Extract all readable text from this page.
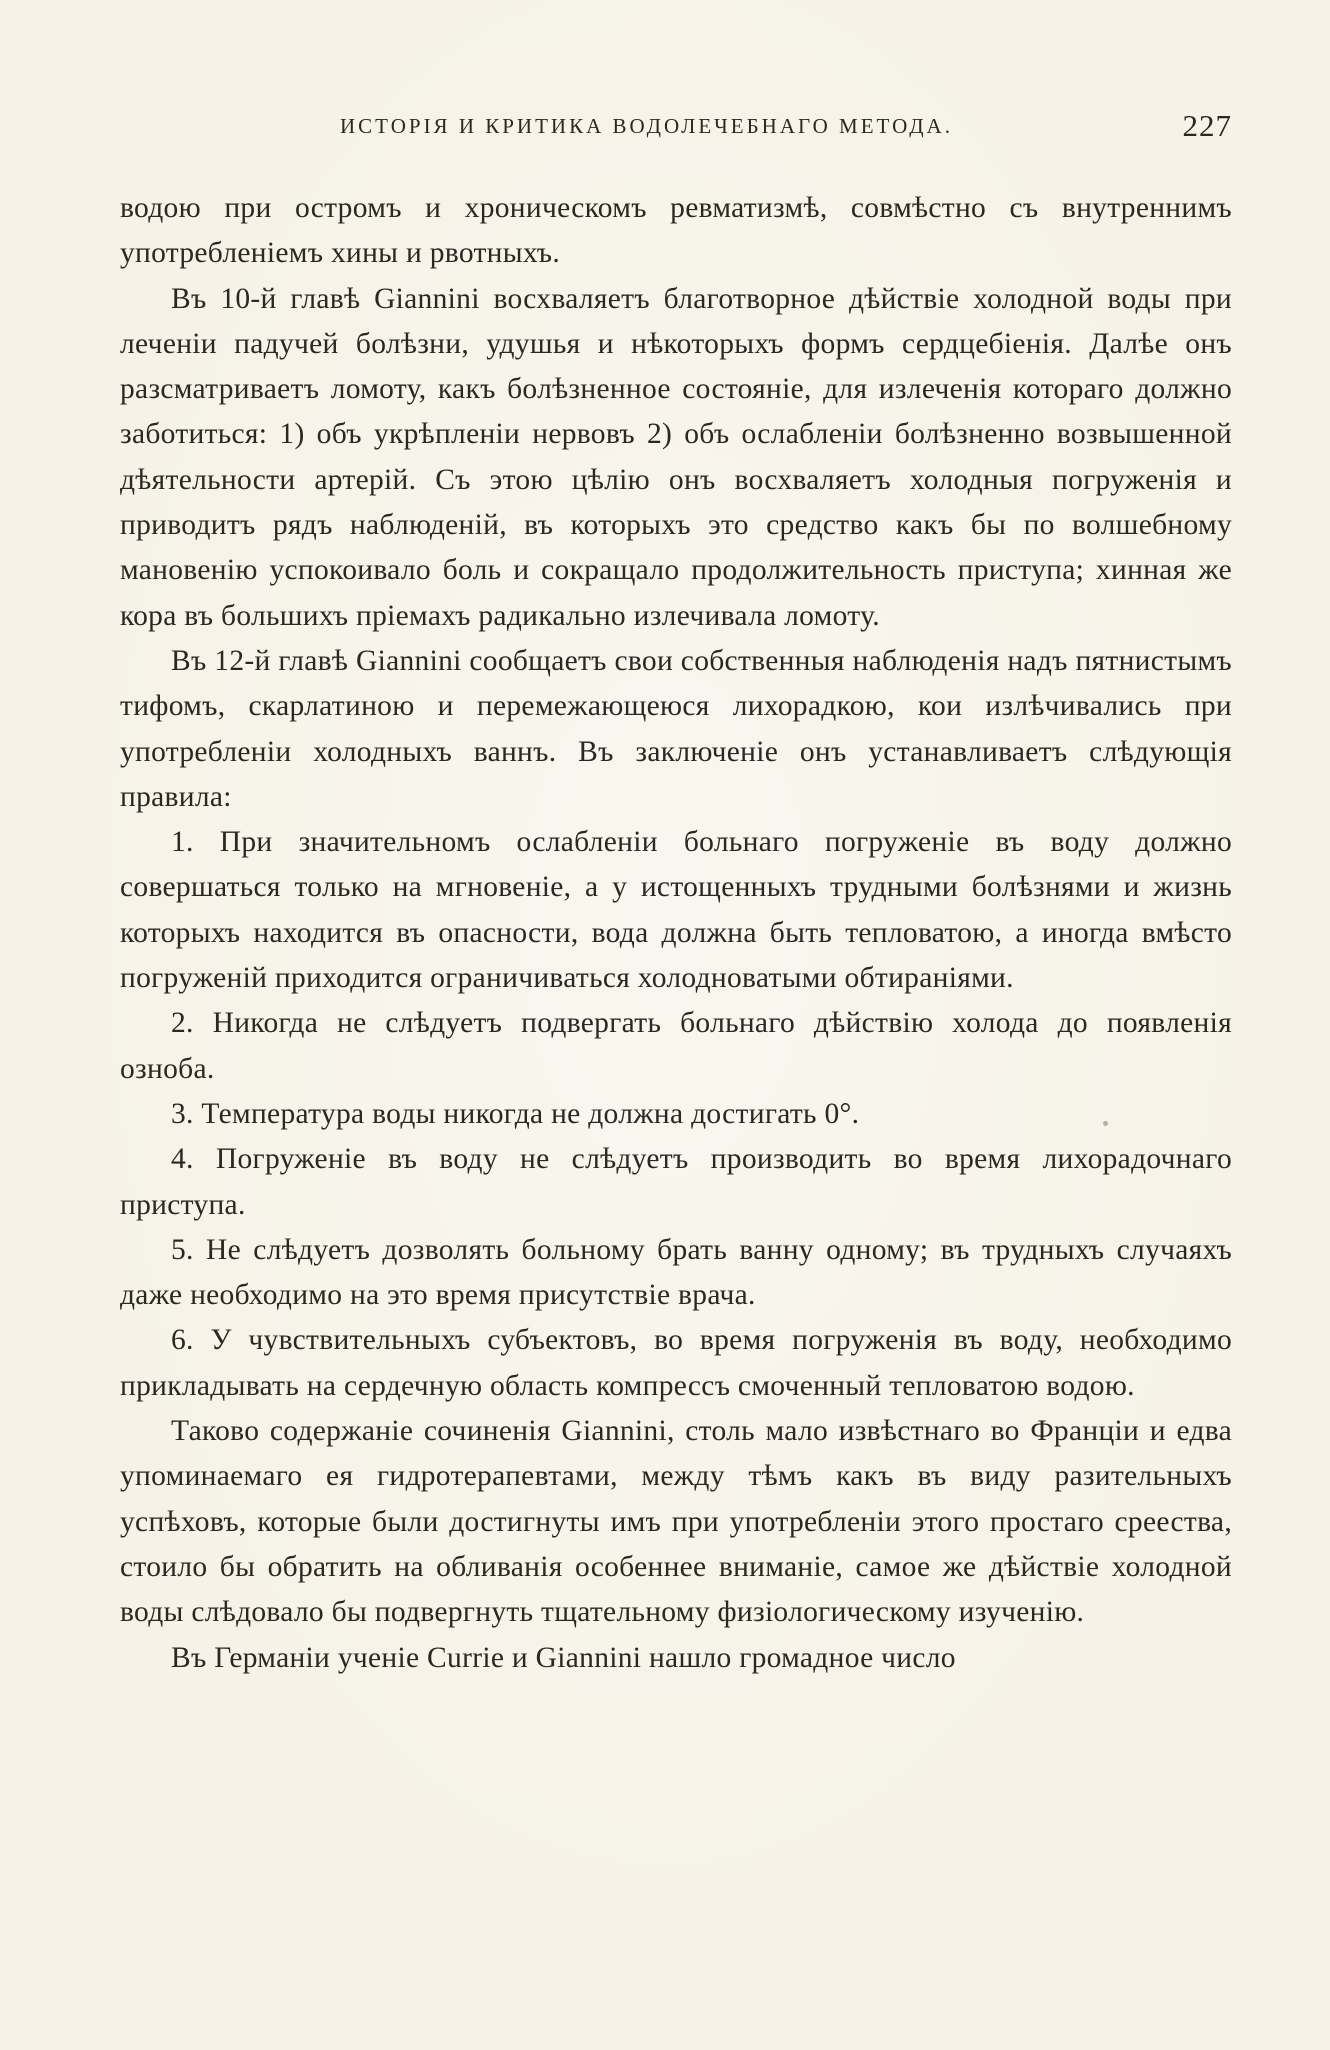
ИСТОРІЯ И КРИТИКА ВОДОЛЕЧЕБНАГО МЕТОДА.	227

водою при остромъ и хроническомъ ревматизмѣ, совмѣстно съ внутреннимъ употребленіемъ хины и рвотныхъ.

Въ 10-й главѣ Giannini восхваляетъ благотворное дѣйствіе холодной воды при леченіи падучей болѣзни, удушья и нѣкоторыхъ формъ сердцебіенія. Далѣе онъ разсматриваетъ ломоту, какъ болѣзненное состояніе, для излеченія котораго должно заботиться: 1) объ укрѣпленіи нервовъ 2) объ ослабленіи болѣзненно возвышенной дѣятельности артерій. Съ этою цѣлію онъ восхваляетъ холодныя погруженія и приводитъ рядъ наблюденій, въ которыхъ это средство какъ бы по волшебному мановенію успокоивало боль и сокращало продолжительность приступа; хинная же кора въ большихъ пріемахъ радикально излечивала ломоту.

Въ 12-й главѣ Giannini сообщаетъ свои собственныя наблюденія надъ пятнистымъ тифомъ, скарлатиною и перемежающеюся лихорадкою, кои излѣчивались при употребленіи холодныхъ ваннъ. Въ заключеніе онъ устанавливаетъ слѣдующія правила:

1. При значительномъ ослабленіи больнаго погруженіе въ воду должно совершаться только на мгновеніе, а у истощенныхъ трудными болѣзнями и жизнь которыхъ находится въ опасности, вода должна быть тепловатою, а иногда вмѣсто погруженій приходится ограничиваться холодноватыми обтираніями.

2. Никогда не слѣдуетъ подвергать больнаго дѣйствію холода до появленія озноба.

3. Температура воды никогда не должна достигать 0°.

4. Погруженіе въ воду не слѣдуетъ производить во время лихорадочнаго приступа.

5. Не слѣдуетъ дозволять больному брать ванну одному; въ трудныхъ случаяхъ даже необходимо на это время присутствіе врача.

6. У чувствительныхъ субъектовъ, во время погруженія въ воду, необходимо прикладывать на сердечную область компрессъ смоченный тепловатою водою.

Таково содержаніе сочиненія Giannini, столь мало извѣстнаго во Франціи и едва упоминаемаго ея гидротерапевтами, между тѣмъ какъ въ виду разительныхъ успѣховъ, которые были достигнуты имъ при употребленіи этого простаго среества, стоило бы обратить на обливанія особеннее вниманіе, самое же дѣйствіе холодной воды слѣдовало бы подвергнуть тщательному физіологическому изученію.

Въ Германіи ученіе Currie и Giannini нашло громадное число
